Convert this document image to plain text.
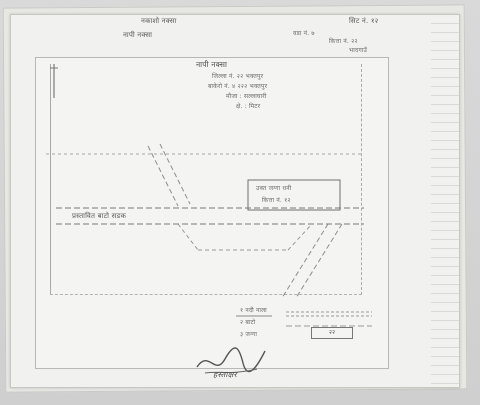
नकाशो नक्सा	सिट नं. १२
नापी नक्सा	वडा नं. ७
कित्ता नं. २२
भादगाउँ
नापी नक्सा
जिल्ला नं. २२ भक्तपुर
बाकेरो नं. ४ २२२ भक्तपुर
मौजा : सल्लाघारी
क्षे. : मिटर
उक्त जग्गा धनी
कित्ता नं. १२
प्रस्तावित बाटो सडक
१ नदी नाला
२ बाटो
३ जग्गा	२२
हस्ताक्षर
